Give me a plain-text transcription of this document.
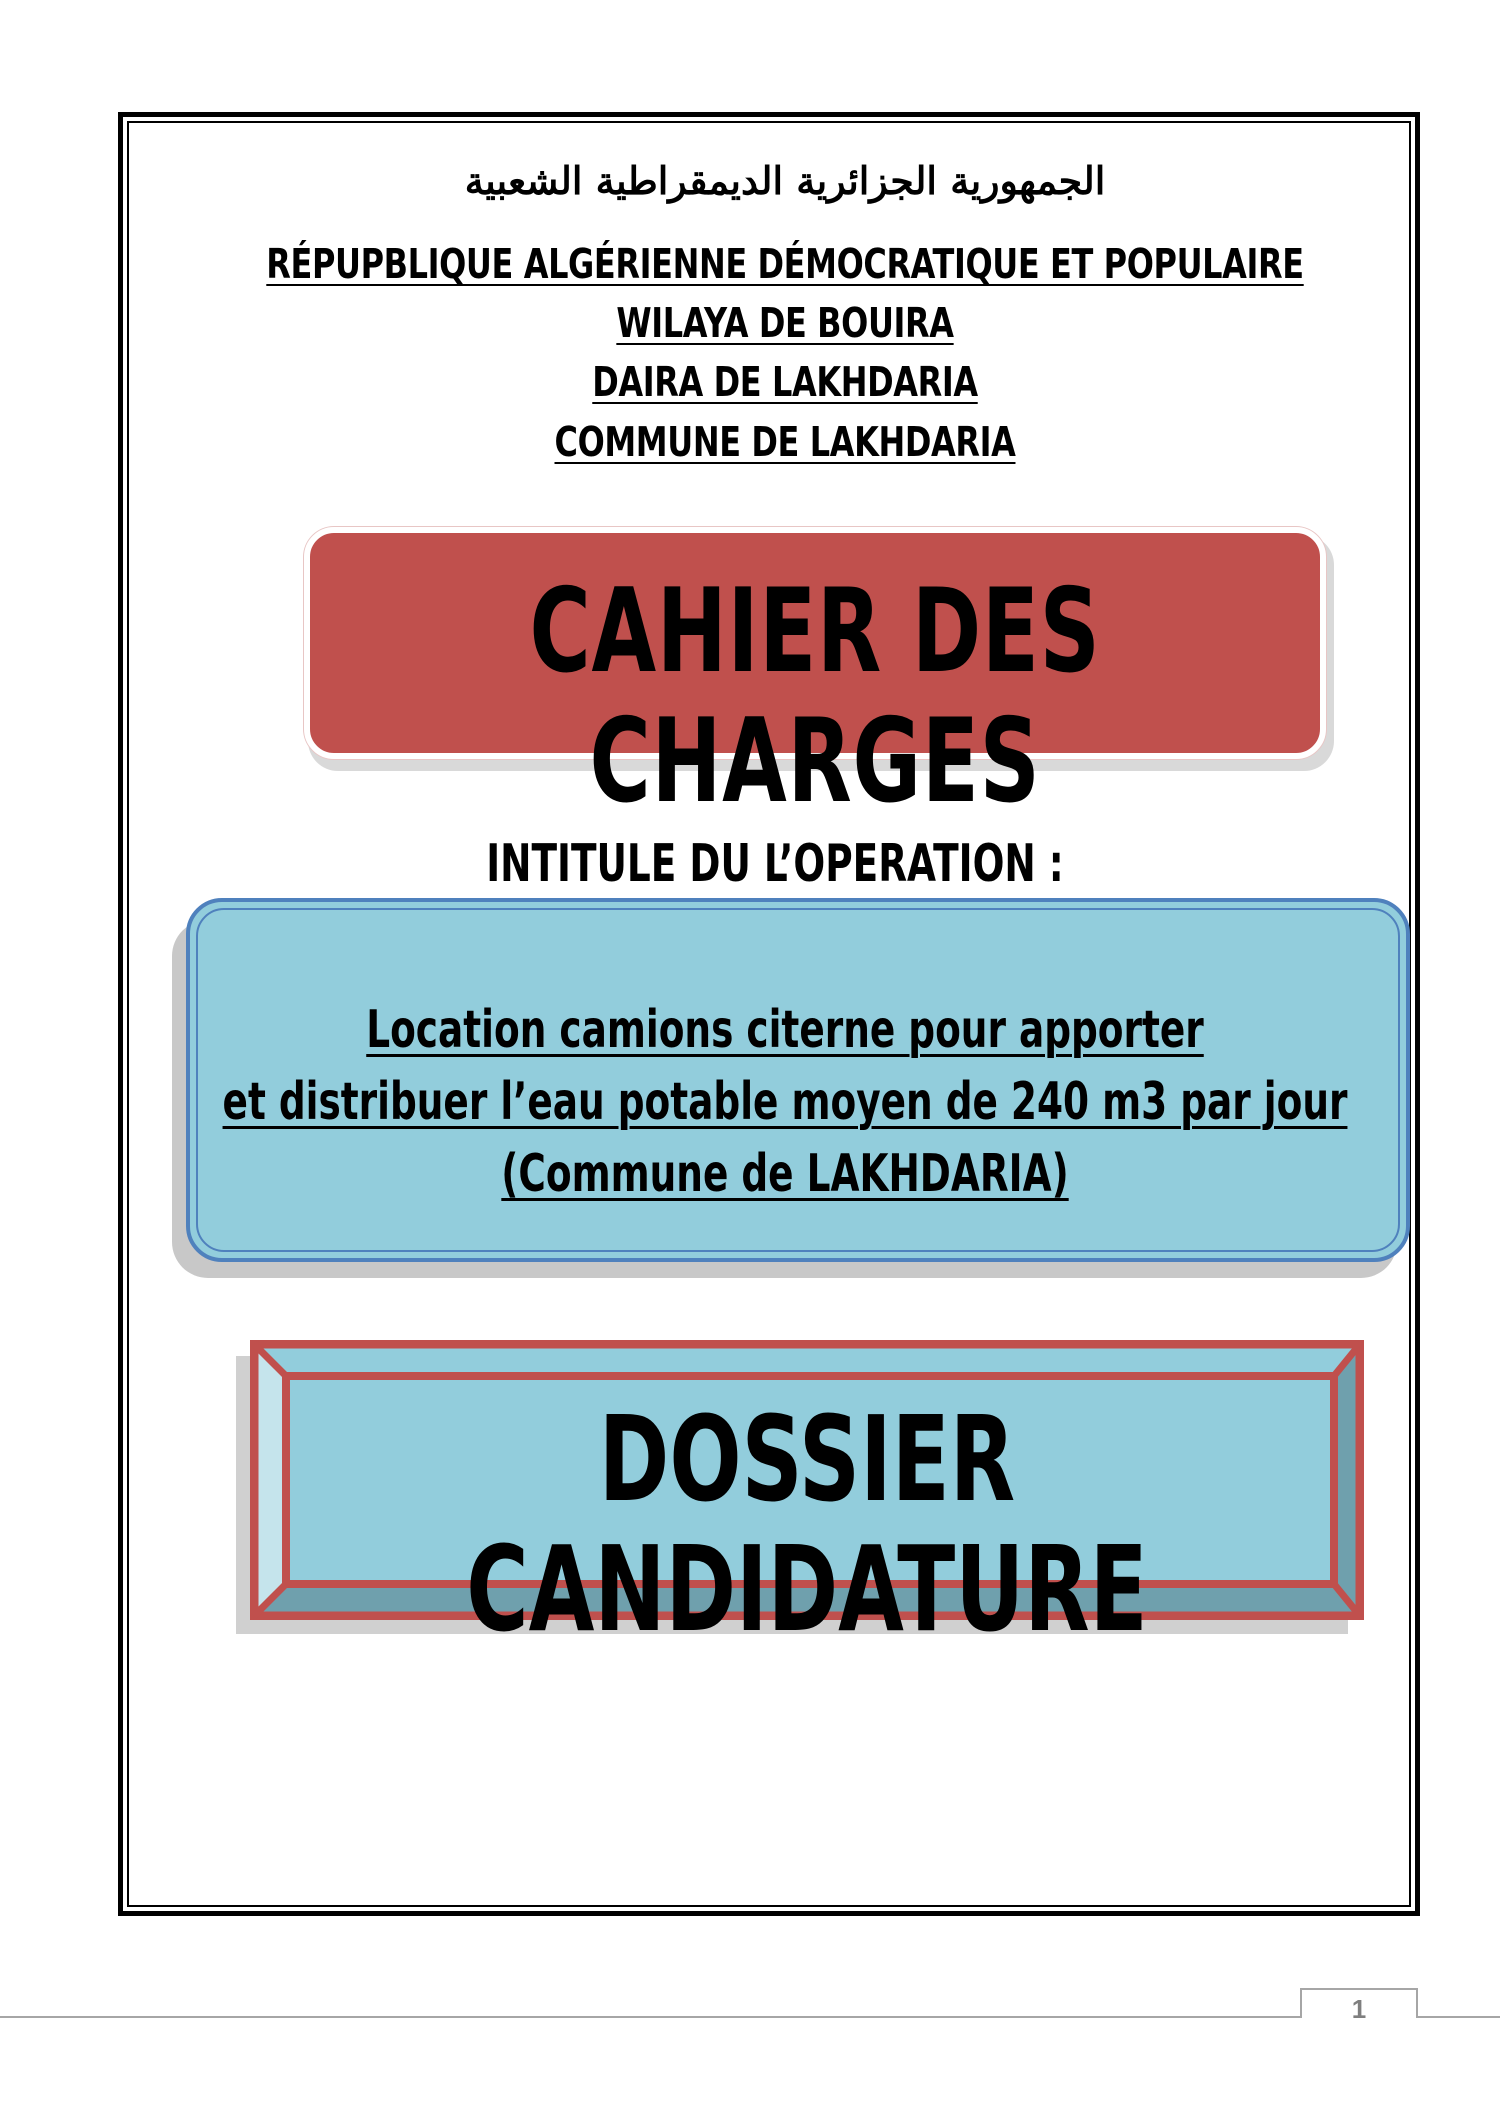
الجمهورية الجزائرية الديمقراطية الشعبية
RÉPUPBLIQUE ALGÉRIENNE DÉMOCRATIQUE ET POPULAIRE
WILAYA DE BOUIRA
DAIRA DE LAKHDARIA
COMMUNE DE LAKHDARIA
CAHIER DES CHARGES
INTITULE DU L’OPERATION :
Location camions citerne pour apporter
et distribuer l’eau potable moyen de 240 m3 par jour
(Commune de LAKHDARIA)
DOSSIER CANDIDATURE
1
